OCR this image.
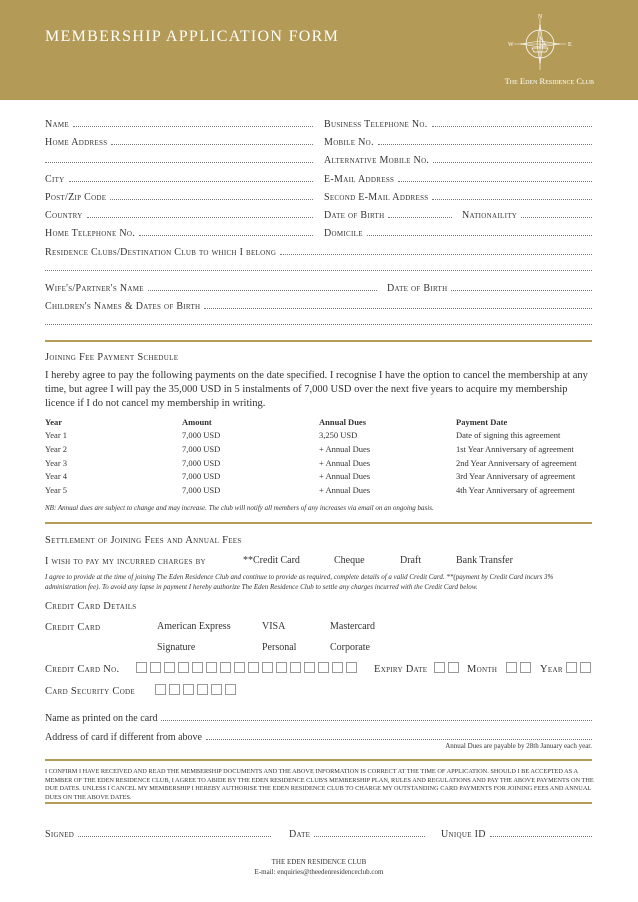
MEMBERSHIP APPLICATION FORM
N
W	E
The Eden Residence Club
Name	Business Telephone No.
Home Address	Mobile No.
Alternative Mobile No.
City	E-Mail Address
Post/Zip Code	Second E-Mail Address
Country	Date of Birth	Nationaility
Home Telephone No.	Domicile
Residence Clubs/Destination Club to which I belong
Wife's/Partner's Name	Date of Birth
Children's Names & Dates of Birth
Joining Fee Payment Schedule
I hereby agree to pay the following payments on the date specified. I recognise I have the option to cancel the membership at any time, but agree I will pay the 35,000 USD in 5 instalments of 7,000 USD over the next five years to acquire my membership licence if I do not cancel my membership in writing.
Year	Amount	Annual Dues	Payment Date
Year 1	7,000 USD	3,250 USD	Date of signing this agreement
Year 2	7,000 USD	+ Annual Dues	1st Year Anniversary of agreement
Year 3	7,000 USD	+ Annual Dues	2nd Year Anniversary of agreement
Year 4	7,000 USD	+ Annual Dues	3rd Year Anniversary of agreement
Year 5	7,000 USD	+ Annual Dues	4th Year Anniversary of agreement
NB: Annual dues are subject to change and may increase. The club will notify all members of any increases via email on an ongoing basis.
Settlement of Joining Fees and Annual Fees
I wish to pay my incurred charges by	**Credit Card	Cheque	Draft	Bank Transfer
I agree to provide at the time of joining The Eden Residence Club and continue to provide as required, complete details of a valid Credit Card. **(payment by Credit Card incurs 3% administration fee). To avoid any lapse in payment I hereby authorize The Eden Residence Club to settle any charges incurred with the Credit Card below.
Credit Card Details
Credit Card	American Express	VISA	Mastercard
Signature	Personal	Corporate
Credit Card No.	Expiry Date	Month	Year
Card Security Code
Name as printed on the card
Address of card if different from above
Annual Dues are payable by 28th January each year.
I CONFIRM I HAVE RECEIVED AND READ THE MEMBERSHIP DOCUMENTS AND THE ABOVE INFORMATION IS CORRECT AT THE TIME OF APPLICATION. SHOULD I BE ACCEPTED AS A MEMBER OF THE EDEN RESIDENCE CLUB, I AGREE TO ABIDE BY THE EDEN RESIDENCE CLUB'S MEMBERSHIP PLAN, RULES AND REGULATIONS AND PAY THE ABOVE PAYMENTS ON THE DUE DATES. UNLESS I CANCEL MY MEMBERSHIP I HEREBY AUTHORISE THE EDEN RESIDENCE CLUB TO CHARGE MY OUTSTANDING CARD PAYMENTS FOR JOINING FEES AND ANNUAL DUES ON THE ABOVE DATES.
Signed	Date	Unique ID
THE EDEN RESIDENCE CLUB
E-mail: enquiries@theedenresidenceclub.com
